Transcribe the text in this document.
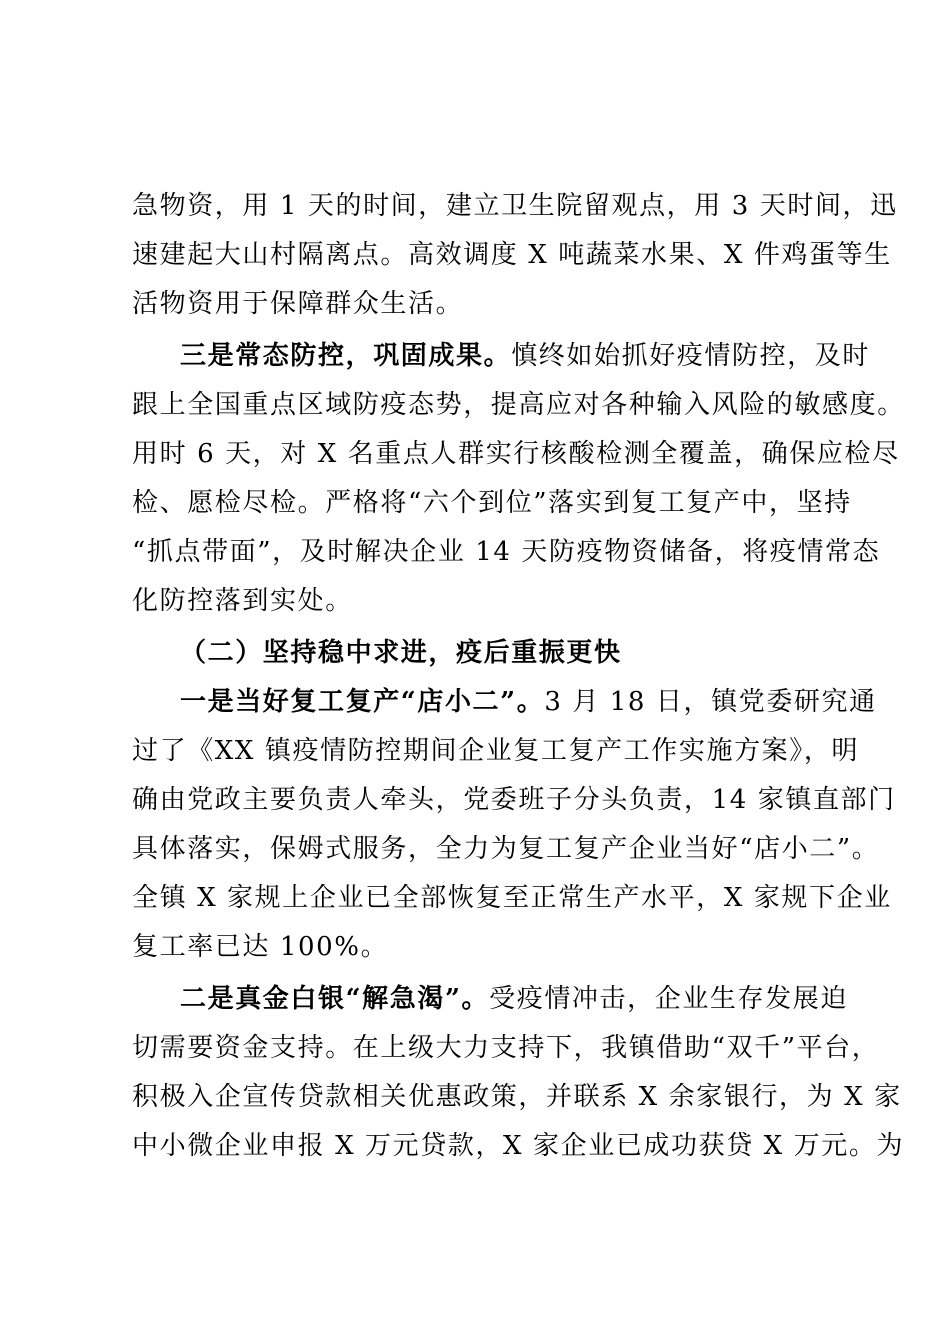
急物资，用 1 天的时间，建立卫生院留观点，用 3 天时间，迅
速建起大山村隔离点。高效调度 X 吨蔬菜水果、X 件鸡蛋等生
活物资用于保障群众生活。
三是常态防控，巩固成果。慎终如始抓好疫情防控，及时
跟上全国重点区域防疫态势，提高应对各种输入风险的敏感度。
用时 6 天，对 X 名重点人群实行核酸检测全覆盖，确保应检尽
检、愿检尽检。严格将“六个到位”落实到复工复产中，坚持
“抓点带面”，及时解决企业 14 天防疫物资储备，将疫情常态
化防控落到实处。
（二）坚持稳中求进，疫后重振更快
一是当好复工复产“店小二”。3 月 18 日，镇党委研究通
过了《XX 镇疫情防控期间企业复工复产工作实施方案》，明
确由党政主要负责人牵头，党委班子分头负责，14 家镇直部门
具体落实，保姆式服务，全力为复工复产企业当好“店小二”。
全镇 X 家规上企业已全部恢复至正常生产水平，X 家规下企业
复工率已达 100%。
二是真金白银“解急渴”。受疫情冲击，企业生存发展迫
切需要资金支持。在上级大力支持下，我镇借助“双千”平台，
积极入企宣传贷款相关优惠政策，并联系 X 余家银行，为 X 家
中小微企业申报 X 万元贷款，X 家企业已成功获贷 X 万元。为
